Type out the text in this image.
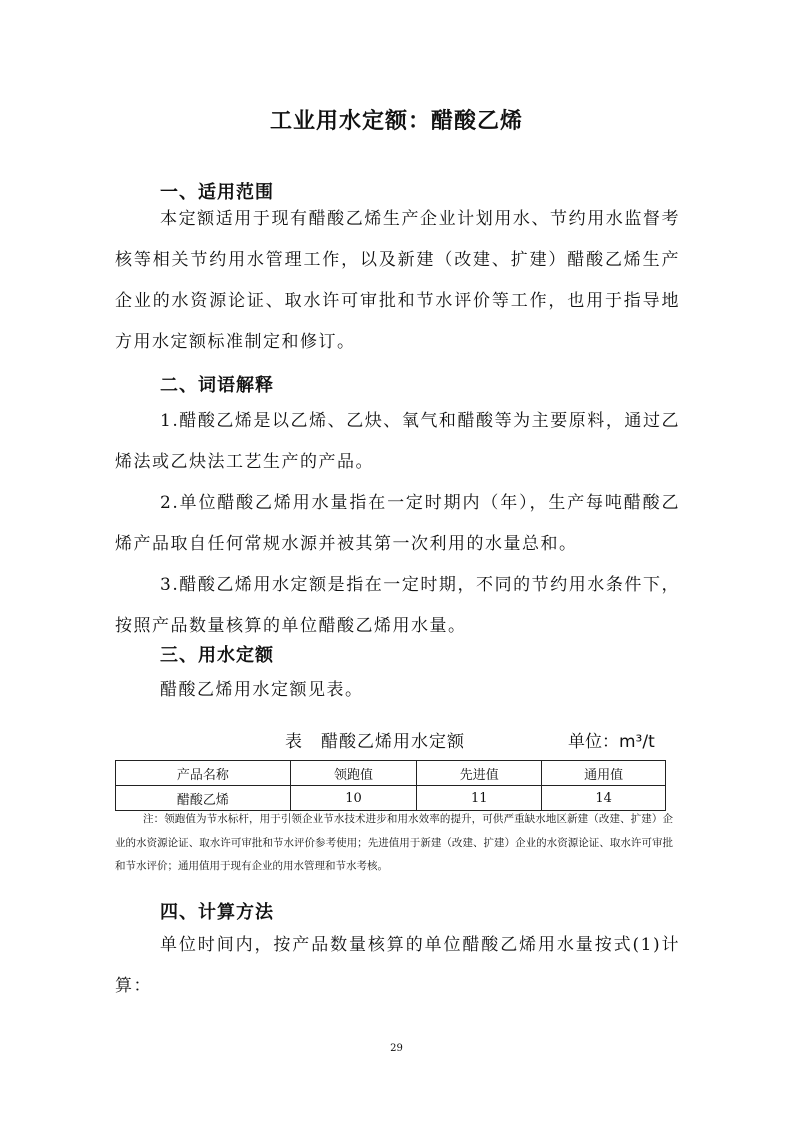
工业用水定额：醋酸乙烯
一、适用范围

本定额适用于现有醋酸乙烯生产企业计划用水、节约用水监督考核等相关节约用水管理工作，以及新建（改建、扩建）醋酸乙烯生产企业的水资源论证、取水许可审批和节水评价等工作，也用于指导地方用水定额标准制定和修订。

二、词语解释

1.醋酸乙烯是以乙烯、乙炔、氧气和醋酸等为主要原料，通过乙烯法或乙炔法工艺生产的产品。

2.单位醋酸乙烯用水量指在一定时期内（年），生产每吨醋酸乙烯产品取自任何常规水源并被其第一次利用的水量总和。

3.醋酸乙烯用水定额是指在一定时期，不同的节约用水条件下，按照产品数量核算的单位醋酸乙烯用水量。

三、用水定额

醋酸乙烯用水定额见表。

表　醋酸乙烯用水定额	单位：m³/t
产品名称	领跑值	先进值	通用值
醋酸乙烯	10	11	14

注：领跑值为节水标杆，用于引领企业节水技术进步和用水效率的提升，可供严重缺水地区新建（改建、扩建）企业的水资源论证、取水许可审批和节水评价参考使用；先进值用于新建（改建、扩建）企业的水资源论证、取水许可审批和节水评价；通用值用于现有企业的用水管理和节水考核。

四、计算方法

单位时间内，按产品数量核算的单位醋酸乙烯用水量按式(1)计算：

29
